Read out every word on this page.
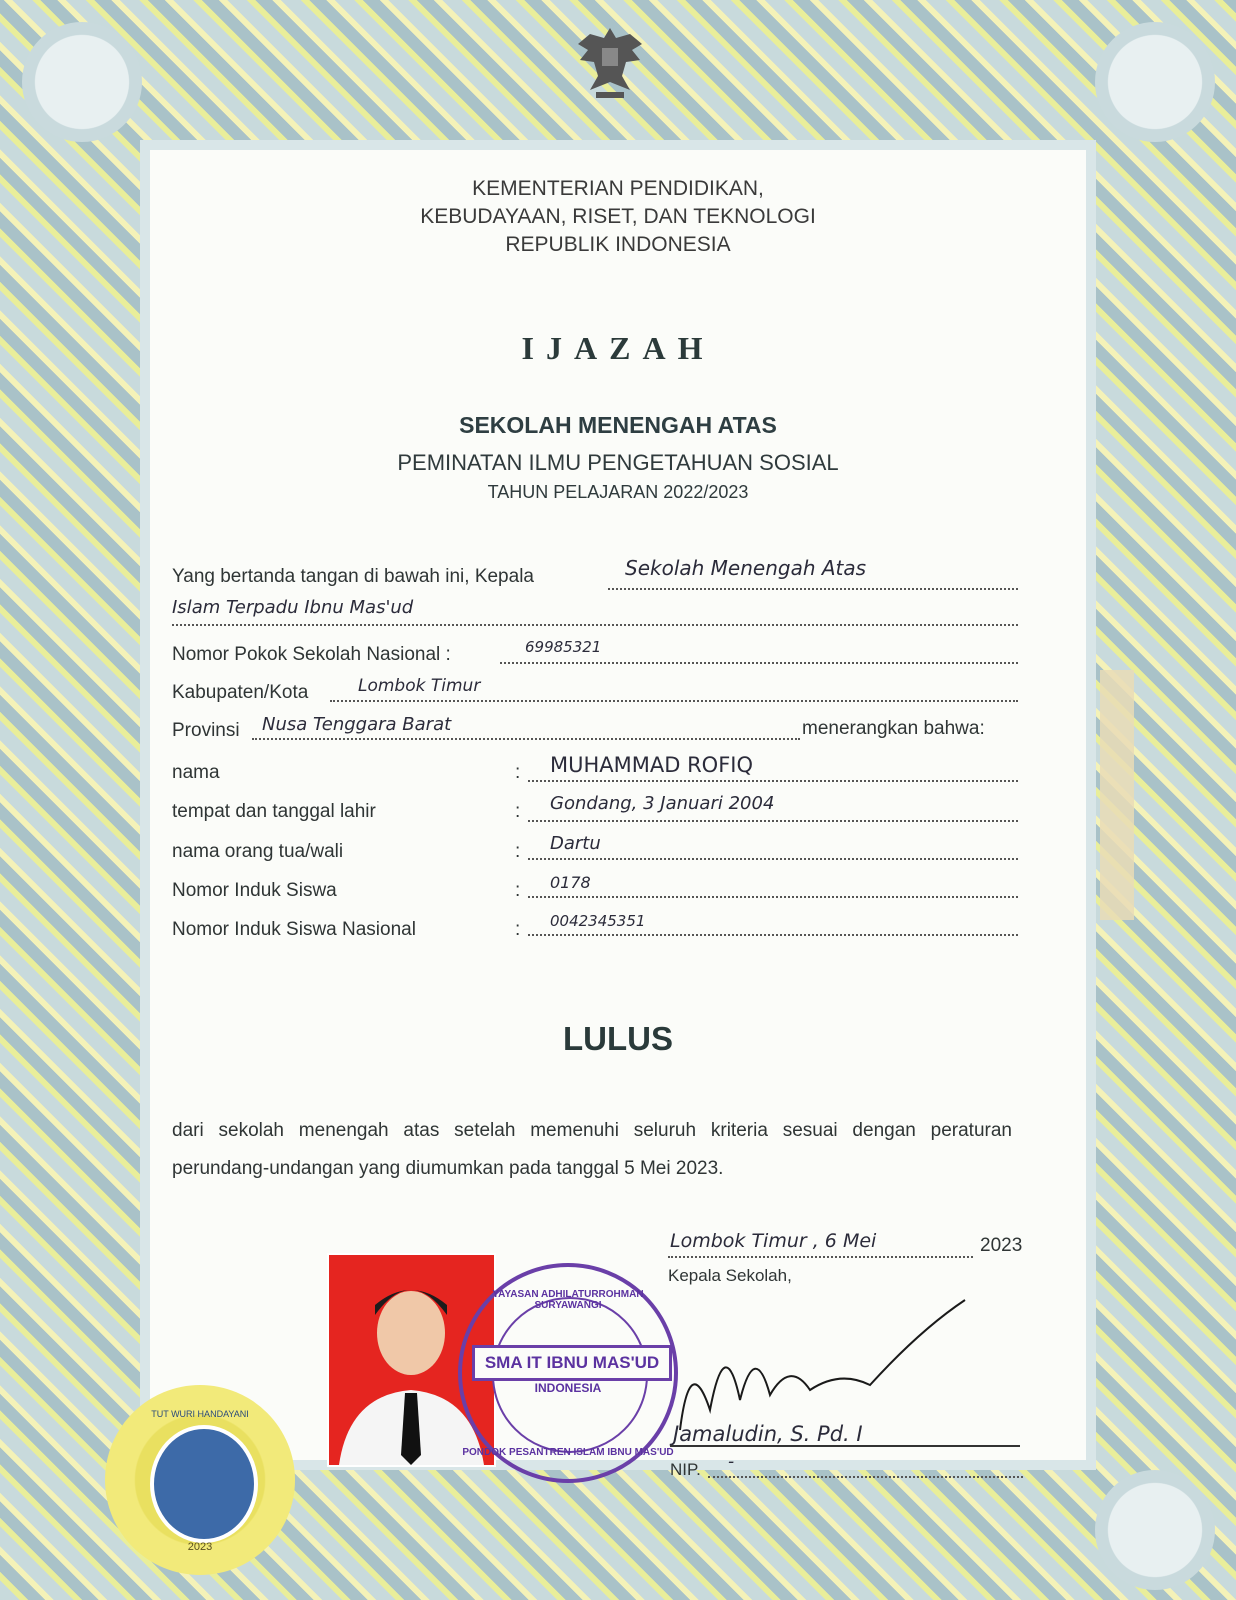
KEMENTERIAN PENDIDIKAN,
KEBUDAYAAN, RISET, DAN TEKNOLOGI
REPUBLIK INDONESIA
IJAZAH
SEKOLAH MENENGAH ATAS
PEMINATAN ILMU PENGETAHUAN SOSIAL
TAHUN PELAJARAN 2022/2023
Yang bertanda tangan di bawah ini, Kepala	Sekolah Menengah Atas
Islam Terpadu Ibnu Mas'ud
Nomor Pokok Sekolah Nasional :	69985321
Kabupaten/Kota	Lombok Timur
Provinsi Nusa Tenggara Barat	menerangkan bahwa:
nama	: MUHAMMAD ROFIQ
tempat dan tanggal lahir	: Gondang, 3 Januari 2004
nama orang tua/wali	: Dartu
Nomor Induk Siswa	: 0178
Nomor Induk Siswa Nasional	: 0042345351
LULUS
dari sekolah menengah atas setelah memenuhi seluruh kriteria sesuai dengan peraturan perundang-undangan yang diumumkan pada tanggal 5 Mei 2023.
Lombok Timur , 6 Mei	2023
Kepala Sekolah,
YAYASAN ADHILATURROHMAN SURYAWANGI
SMA IT IBNU MAS'UD
INDONESIA
PONDOK PESANTREN ISLAM IBNU MAS'UD
Jamaludin, S. Pd. I
NIP. -
TUT WURI HANDAYANI
2023
